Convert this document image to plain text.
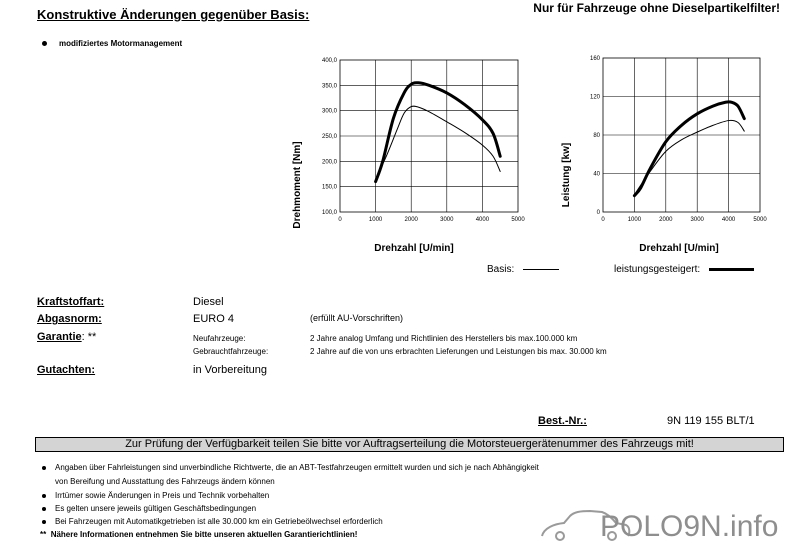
Konstruktive Änderungen gegenüber Basis:	Nur für Fahrzeuge ohne Dieselpartikelfilter!
modifiziertes Motormanagement
0	1000	2000	3000	4000	5000
100,0
150,0
200,0
250,0
300,0
350,0
400,0
Drehmoment [Nm]
Drehzahl [U/min]
0	1000	2000	3000	4000	5000
0
40
80
120
160
Leistung [kw]
Drehzahl [U/min]
Basis:	leistungsgesteigert:
Kraftstoffart:	Diesel
Abgasnorm:	EURO 4	(erfüllt AU-Vorschriften)
Garantie: **	Neufahrzeuge:	2 Jahre analog Umfang und Richtlinien des Herstellers bis max.100.000 km
Gebrauchtfahrzeuge:	2 Jahre auf die von uns erbrachten Lieferungen und Leistungen bis max. 30.000 km
Gutachten:	in Vorbereitung
Best.-Nr.:	9N 119 155 BLT/1
Zur Prüfung der Verfügbarkeit teilen Sie bitte vor Auftragserteilung die Motorsteuergerätenummer des Fahrzeugs mit!
Angaben über Fahrleistungen sind unverbindliche Richtwerte, die an ABT-Testfahrzeugen ermittelt wurden und sich je nach Abhängigkeit
von Bereifung und Ausstattung des Fahrzeugs ändern können
Irrtümer sowie Änderungen in Preis und Technik vorbehalten
Es gelten unsere jeweils gültigen Geschäftsbedingungen
Bei Fahrzeugen mit Automatikgetrieben ist alle 30.000 km ein Getriebeölwechsel erforderlich
** Nähere Informationen entnehmen Sie bitte unseren aktuellen Garantierichtlinien!	POLO9N.info
